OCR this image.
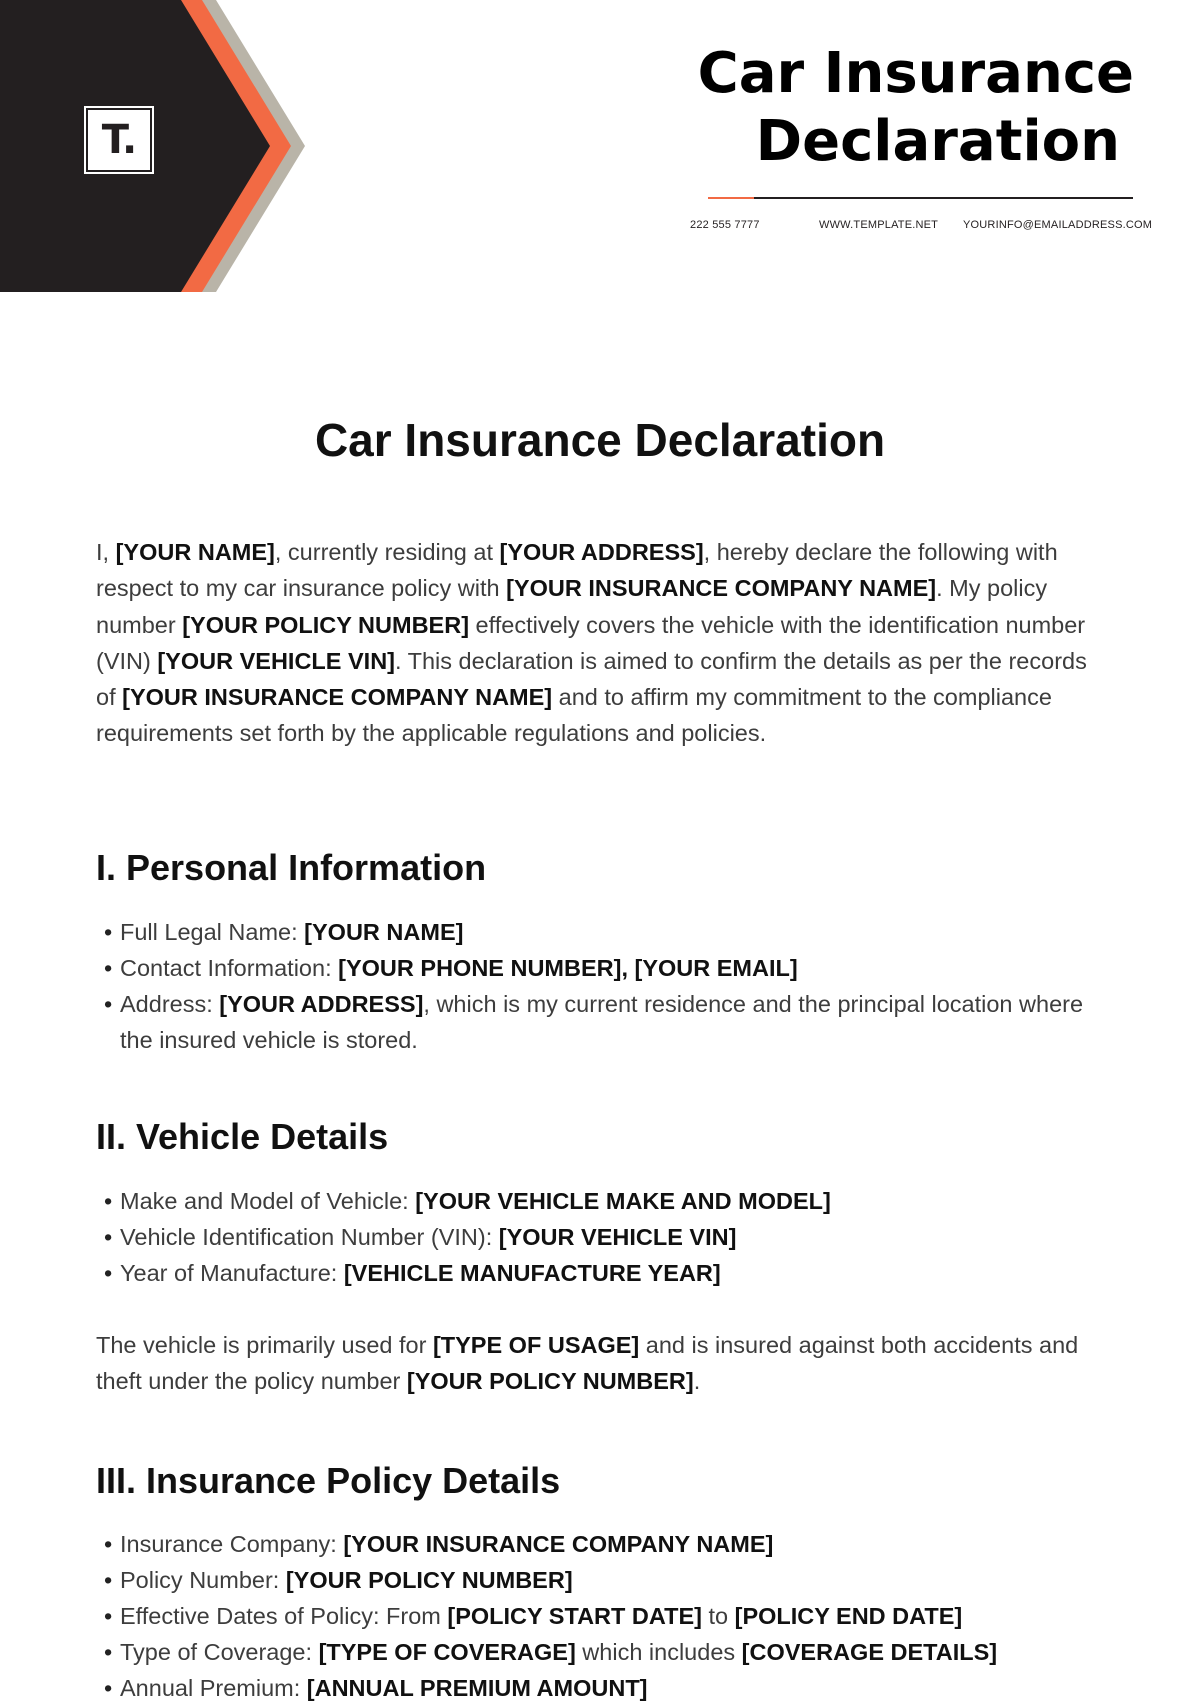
T.
Car Insurance
Declaration
222 555 7777	WWW.TEMPLATE.NET YOURINFO@EMAILADDRESS.COM
Car Insurance Declaration

I, [YOUR NAME], currently residing at [YOUR ADDRESS], hereby declare the following with respect to my car insurance policy with [YOUR INSURANCE COMPANY NAME]. My policy number [YOUR POLICY NUMBER] effectively covers the vehicle with the identification number (VIN) [YOUR VEHICLE VIN]. This declaration is aimed to confirm the details as per the records of [YOUR INSURANCE COMPANY NAME] and to affirm my commitment to the compliance requirements set forth by the applicable regulations and policies.

I. Personal Information
• Full Legal Name: [YOUR NAME]
• Contact Information: [YOUR PHONE NUMBER], [YOUR EMAIL]
• Address: [YOUR ADDRESS], which is my current residence and the principal location where the insured vehicle is stored.
II. Vehicle Details
• Make and Model of Vehicle: [YOUR VEHICLE MAKE AND MODEL]
• Vehicle Identification Number (VIN): [YOUR VEHICLE VIN]
• Year of Manufacture: [VEHICLE MANUFACTURE YEAR]

The vehicle is primarily used for [TYPE OF USAGE] and is insured against both accidents and theft under the policy number [YOUR POLICY NUMBER].

III. Insurance Policy Details
• Insurance Company: [YOUR INSURANCE COMPANY NAME]
• Policy Number: [YOUR POLICY NUMBER]
• Effective Dates of Policy: From [POLICY START DATE] to [POLICY END DATE]
• Type of Coverage: [TYPE OF COVERAGE] which includes [COVERAGE DETAILS]
• Annual Premium: [ANNUAL PREMIUM AMOUNT]
